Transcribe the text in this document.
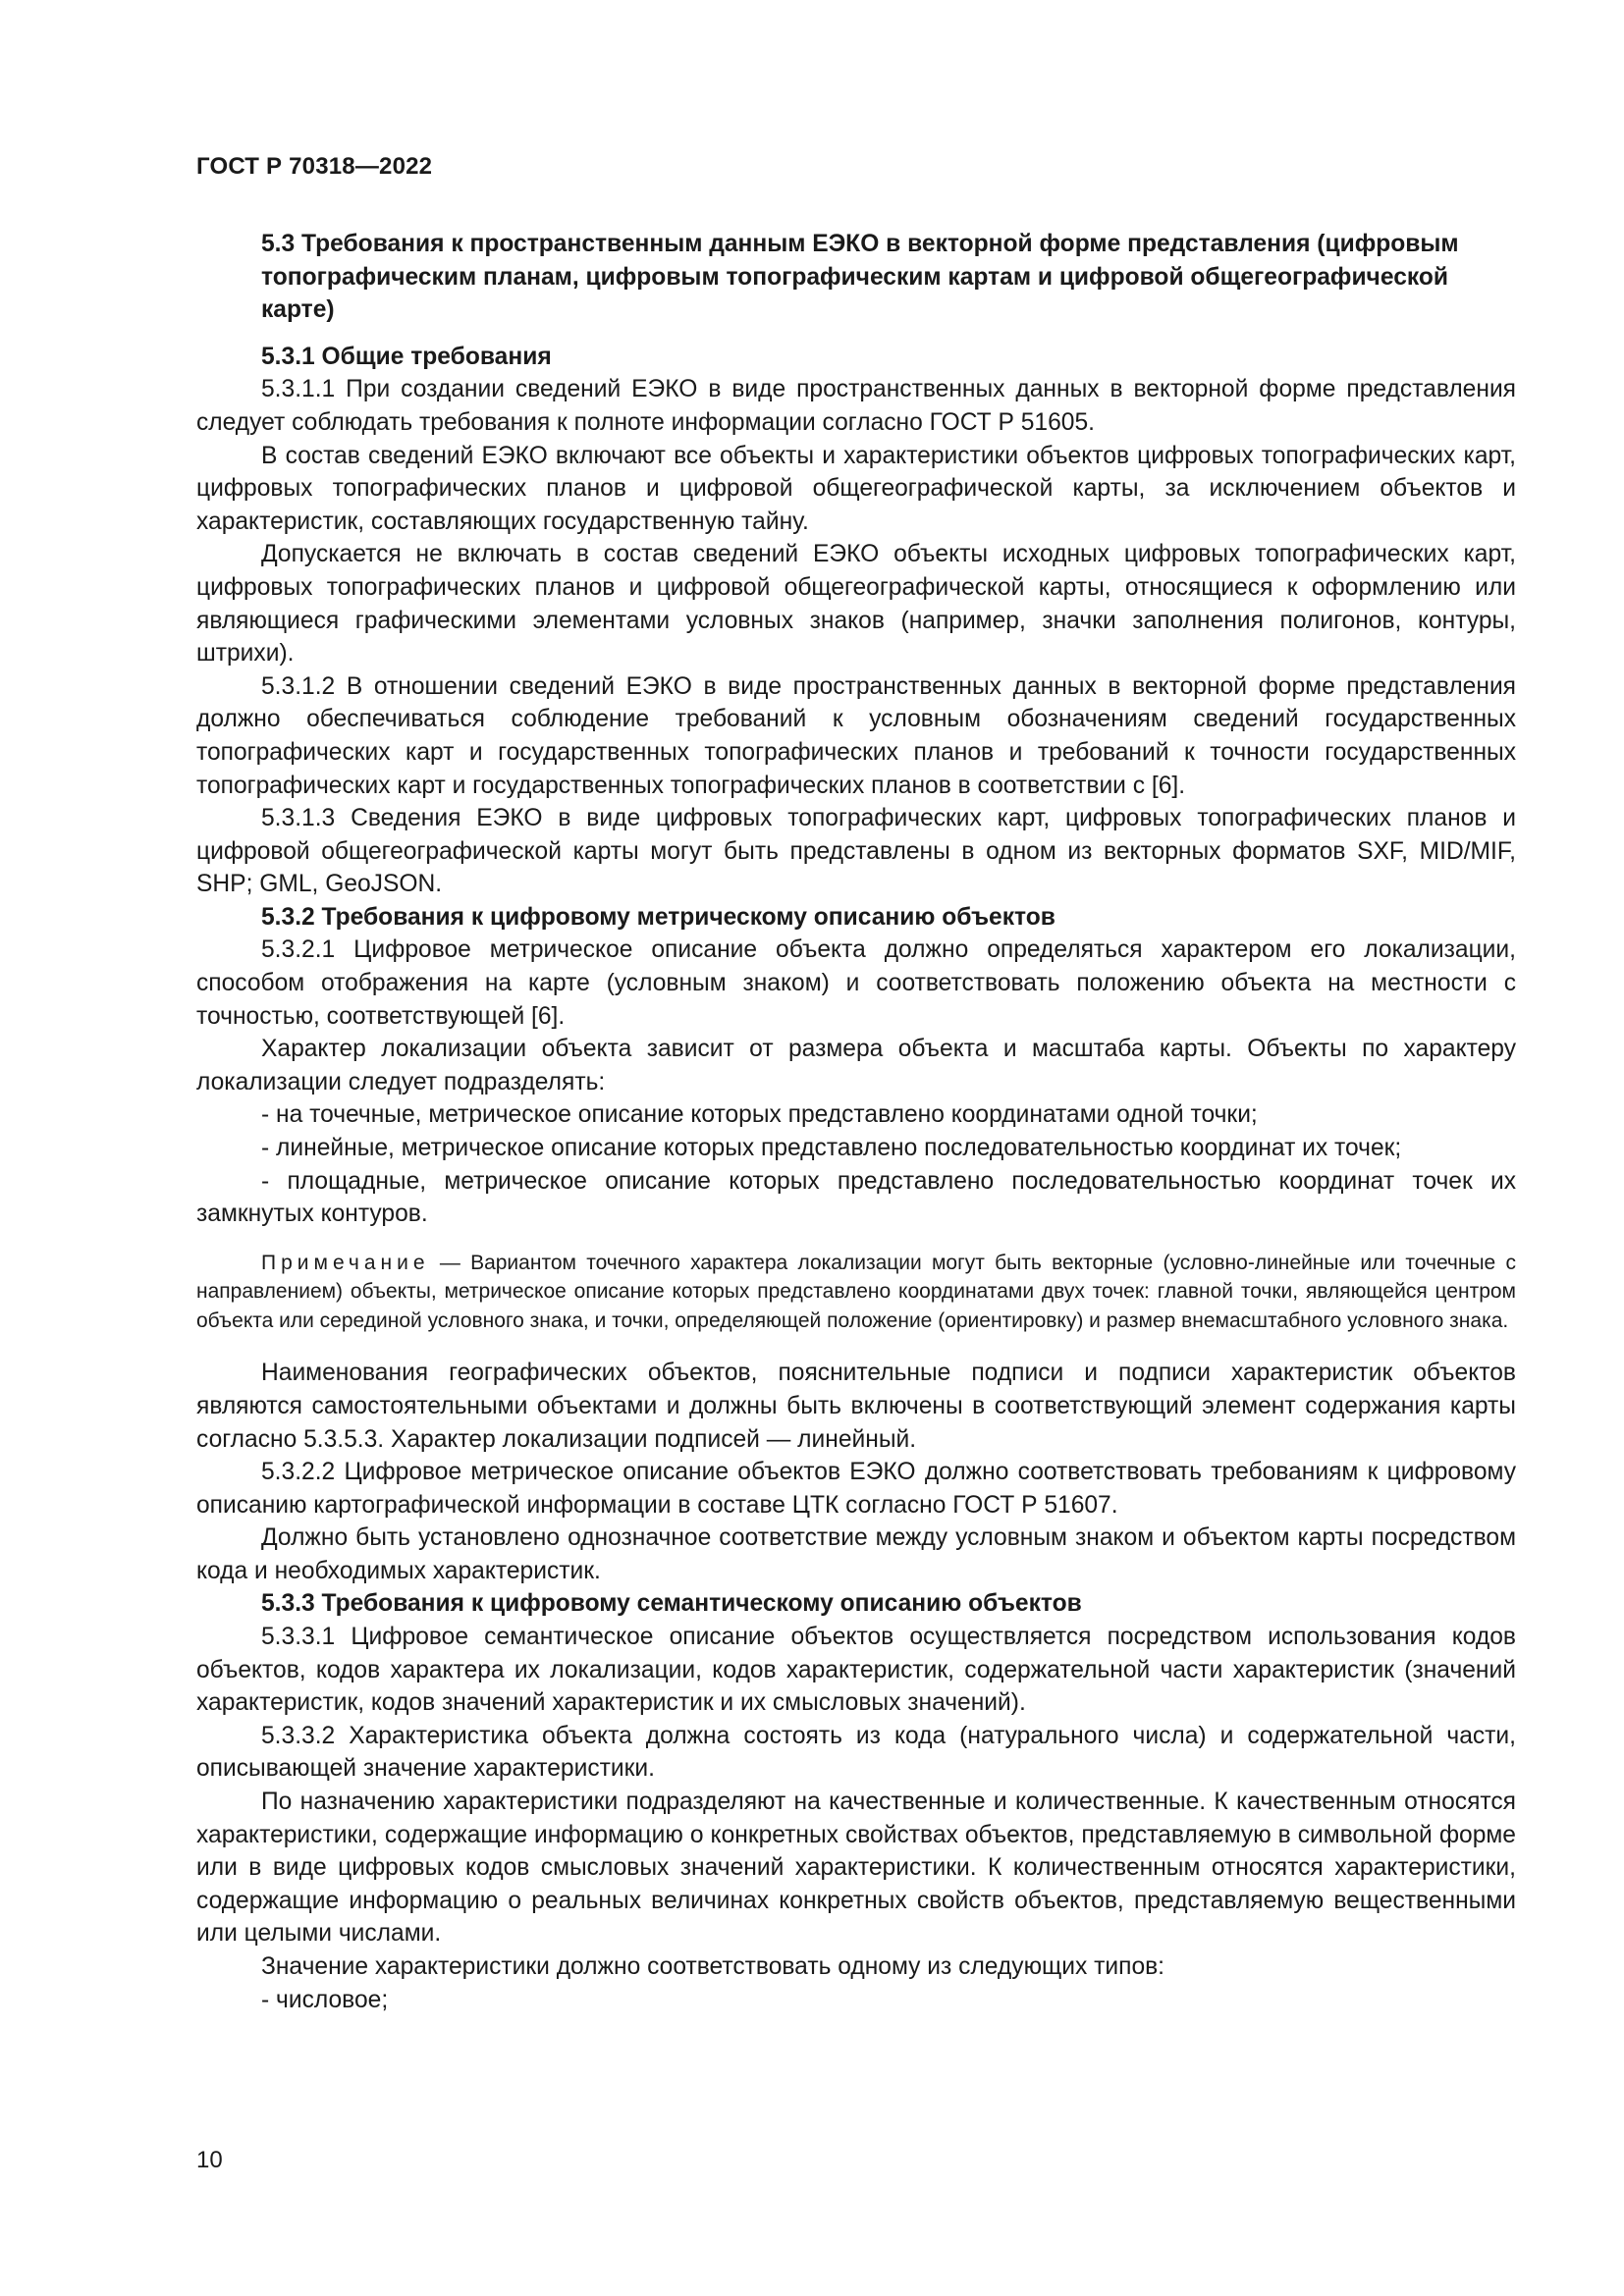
ГОСТ Р 70318—2022

5.3 Требования к пространственным данным ЕЭКО в векторной форме представления (цифровым топографическим планам, цифровым топографическим картам и цифровой общегеографической карте)

5.3.1 Общие требования

5.3.1.1 При создании сведений ЕЭКО в виде пространственных данных в векторной форме представления следует соблюдать требования к полноте информации согласно ГОСТ Р 51605.

В состав сведений ЕЭКО включают все объекты и характеристики объектов цифровых топографических карт, цифровых топографических планов и цифровой общегеографической карты, за исключением объектов и характеристик, составляющих государственную тайну.

Допускается не включать в состав сведений ЕЭКО объекты исходных цифровых топографических карт, цифровых топографических планов и цифровой общегеографической карты, относящиеся к оформлению или являющиеся графическими элементами условных знаков (например, значки заполнения полигонов, контуры, штрихи).

5.3.1.2 В отношении сведений ЕЭКО в виде пространственных данных в векторной форме представления должно обеспечиваться соблюдение требований к условным обозначениям сведений государственных топографических карт и государственных топографических планов и требований к точности государственных топографических карт и государственных топографических планов в соответствии с [6].

5.3.1.3 Сведения ЕЭКО в виде цифровых топографических карт, цифровых топографических планов и цифровой общегеографической карты могут быть представлены в одном из векторных форматов SXF, MID/MIF, SHP; GML, GeoJSON.

5.3.2 Требования к цифровому метрическому описанию объектов

5.3.2.1 Цифровое метрическое описание объекта должно определяться характером его локализации, способом отображения на карте (условным знаком) и соответствовать положению объекта на местности с точностью, соответствующей [6].

Характер локализации объекта зависит от размера объекта и масштаба карты. Объекты по характеру локализации следует подразделять:

- на точечные, метрическое описание которых представлено координатами одной точки;

- линейные, метрическое описание которых представлено последовательностью координат их точек;

- площадные, метрическое описание которых представлено последовательностью координат точек их замкнутых контуров.

Примечание — Вариантом точечного характера локализации могут быть векторные (условно-линейные или точечные с направлением) объекты, метрическое описание которых представлено координатами двух точек: главной точки, являющейся центром объекта или серединой условного знака, и точки, определяющей положение (ориентировку) и размер внемасштабного условного знака.

Наименования географических объектов, пояснительные подписи и подписи характеристик объектов являются самостоятельными объектами и должны быть включены в соответствующий элемент содержания карты согласно 5.3.5.3. Характер локализации подписей — линейный.

5.3.2.2 Цифровое метрическое описание объектов ЕЭКО должно соответствовать требованиям к цифровому описанию картографической информации в составе ЦТК согласно ГОСТ Р 51607.

Должно быть установлено однозначное соответствие между условным знаком и объектом карты посредством кода и необходимых характеристик.

5.3.3 Требования к цифровому семантическому описанию объектов

5.3.3.1 Цифровое семантическое описание объектов осуществляется посредством использования кодов объектов, кодов характера их локализации, кодов характеристик, содержательной части характеристик (значений характеристик, кодов значений характеристик и их смысловых значений).

5.3.3.2 Характеристика объекта должна состоять из кода (натурального числа) и содержательной части, описывающей значение характеристики.

По назначению характеристики подразделяют на качественные и количественные. К качественным относятся характеристики, содержащие информацию о конкретных свойствах объектов, представляемую в символьной форме или в виде цифровых кодов смысловых значений характеристики. К количественным относятся характеристики, содержащие информацию о реальных величинах конкретных свойств объектов, представляемую вещественными или целыми числами.

Значение характеристики должно соответствовать одному из следующих типов:

- числовое;

10
